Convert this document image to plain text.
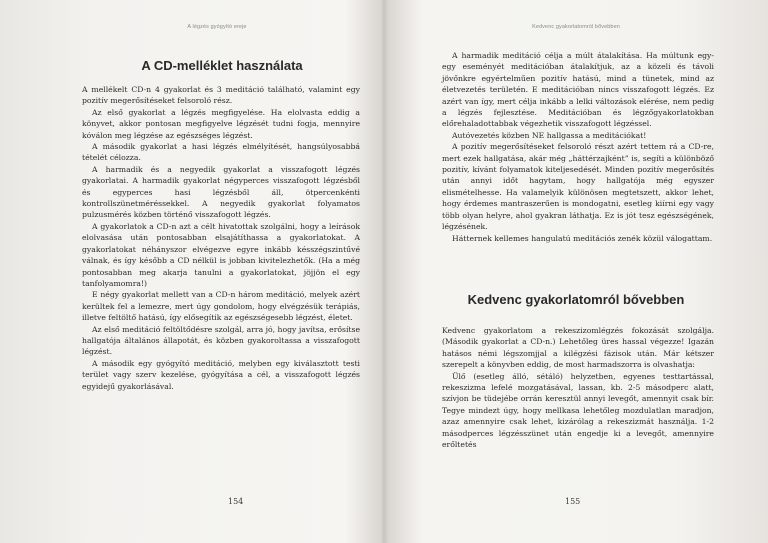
A légzés gyógyító ereje
A CD-melléklet használata

A mellékelt CD-n 4 gyakorlat és 3 meditáció található, valamint egy pozitív megerősítéseket felsoroló rész.

Az első gyakorlat a légzés megfigyelése. Ha elolvasta eddig a könyvet, akkor pontosan megfigyelve légzését tudni fogja, mennyire kóválon meg légzése az egészséges légzést.

A második gyakorlat a hasi légzés elmélyítését, hangsúlyosabbá tételét célozza.

A harmadik és a negyedik gyakorlat a visszafogott légzés gyakorlatai. A harmadik gyakorlat négyperces visszafogott légzésből és egyperces hasi légzésből áll, ötpercenkénti kontrollszünetméréssekkel. A negyedik gyakorlat folyamatos pulzusmérés közben történő visszafogott légzés.

A gyakorlatok a CD-n azt a célt hivatottak szolgálni, hogy a leírások elolvasása után pontosabban elsajátíthassa a gyakorlatokat. A gyakorlatokat néhányszor elvégezve egyre inkább késszégszintűvé válnak, és így később a CD nélkül is jobban kivitelezhetők. (Ha a még pontosabban meg akarja tanulni a gyakorlatokat, jöjjön el egy tanfolyamomra!)

E négy gyakorlat mellett van a CD-n három meditáció, melyek azért kerültek fel a lemezre, mert úgy gondolom, hogy elvégzésük terápiás, illetve feltöltő hatású, így elősegítik az egészségesebb légzést, életet.

Az első meditáció feltöltődésre szolgál, arra jó, hogy javítsa, erősítse hallgatója általános állapotát, és közben gyakoroltassa a visszafogott légzést.

A második egy gyógyító meditáció, melyben egy kiválasztott testi terület vagy szerv kezelése, gyógyítása a cél, a visszafogott légzés egyidejű gyakorlásával.

154
Kedvenc gyakorlatomról bővebben

A harmadik meditáció célja a múlt átalakítása. Ha múltunk egy-egy eseményét meditációban átalakítjuk, az a közeli és távoli jövőnkre egyértelműen pozitív hatású, mind a tünetek, mind az életvezetés területén. E meditációban nincs visszafogott légzés. Ez azért van így, mert célja inkább a lelki változások elérése, nem pedig a légzés fejlesztése. Meditációban és légzőgyakorlatokban előrehaladottabbak végezhetik visszafogott légzéssel.

Autóvezetés közben NE hallgassa a meditációkat!

A pozitív megerősítéseket felsoroló részt azért tettem rá a CD-re, mert ezek hallgatása, akár még „háttérzajként” is, segíti a különböző pozitív, kívánt folyamatok kiteljesedését. Minden pozitív megerősítés után annyi időt hagytam, hogy hallgatója még egyszer elismételhesse. Ha valamelyik különösen megtetszett, akkor lehet, hogy érdemes mantraszerűen is mondogatni, esetleg kiírni egy vagy több olyan helyre, ahol gyakran láthatja. Ez is jót tesz egészségének, légzésének.

Hátternek kellemes hangulatú meditációs zenék közül válogattam.

Kedvenc gyakorlatomról bővebben

Kedvenc gyakorlatom a rekeszizomlégzés fokozását szolgálja. (Második gyakorlat a CD-n.) Lehetőleg üres hassal végezze! Igazán hatásos némi légszomjjal a kilégzési fázisok után. Már kétszer szerepelt a könyvben eddig, de most harmadszorra is olvashatja:

Ülő (esetleg álló, sétáló) helyzetben, egyenes testtartással, rekeszizma lefelé mozgatásával, lassan, kb. 2-5 másodperc alatt, szívjon be tüdejébe orrán keresztül annyi levegőt, amennyit csak bír. Tegye mindezt úgy, hogy mellkasa lehetőleg mozdulatlan maradjon, azaz amennyire csak lehet, kizárólag a rekeszizmát használja. 1-2 másodperces légzésszünet után engedje ki a levegőt, amennyire erőltetés

155
